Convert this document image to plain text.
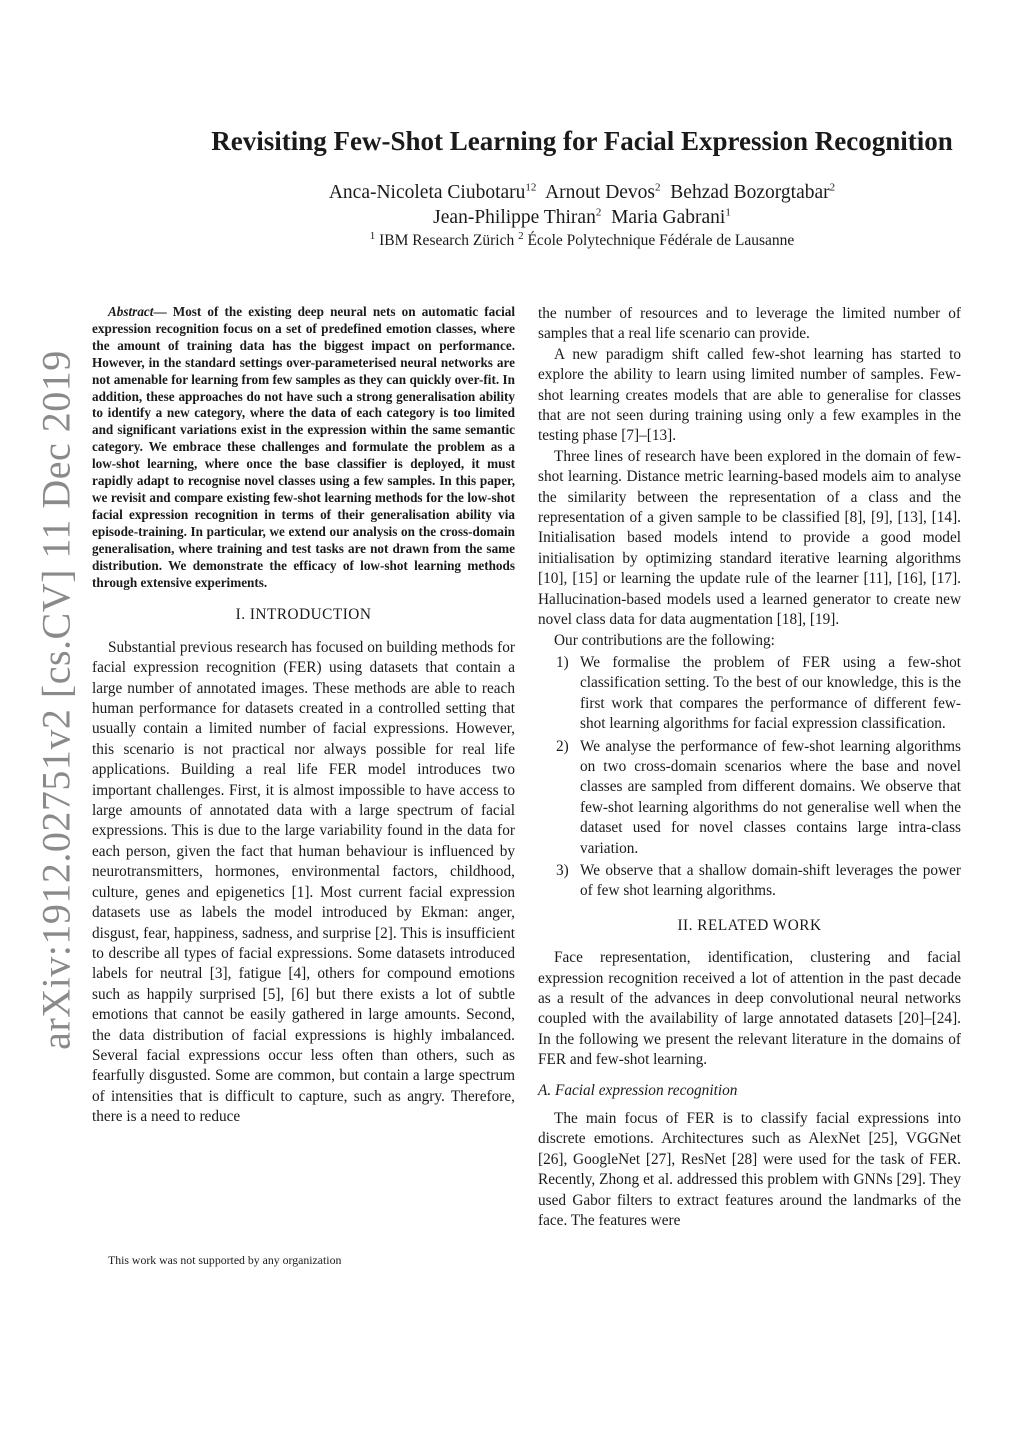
Revisiting Few-Shot Learning for Facial Expression Recognition
Anca-Nicoleta Ciubotaru$^{12}$ Arnout Devos$^2$ Behzad Bozorgtabar$^2$
Jean-Philippe Thiran$^2$ Maria Gabrani$^1$
$^1$ IBM Research Zürich $^2$ École Polytechnique Fédérale de Lausanne
arXiv:1912.02751v2 [cs.CV] 11 Dec 2019

Abstract— Most of the existing deep neural nets on automatic facial expression recognition focus on a set of predefined emotion classes, where the amount of training data has the biggest impact on performance. However, in the standard settings over-parameterised neural networks are not amenable for learning from few samples as they can quickly over-fit. In addition, these approaches do not have such a strong generalisation ability to identify a new category, where the data of each category is too limited and significant variations exist in the expression within the same semantic category. We embrace these challenges and formulate the problem as a low-shot learning, where once the base classifier is deployed, it must rapidly adapt to recognise novel classes using a few samples. In this paper, we revisit and compare existing few-shot learning methods for the low-shot facial expression recognition in terms of their generalisation ability via episode-training. In particular, we extend our analysis on the cross-domain generalisation, where training and test tasks are not drawn from the same distribution. We demonstrate the efficacy of low-shot learning methods through extensive experiments.

I. INTRODUCTION

Substantial previous research has focused on building methods for facial expression recognition (FER) using datasets that contain a large number of annotated images. These methods are able to reach human performance for datasets created in a controlled setting that usually contain a limited number of facial expressions. However, this scenario is not practical nor always possible for real life applications. Building a real life FER model introduces two important challenges. First, it is almost impossible to have access to large amounts of annotated data with a large spectrum of facial expressions. This is due to the large variability found in the data for each person, given the fact that human behaviour is influenced by neurotransmitters, hormones, environmental factors, childhood, culture, genes and epigenetics [1]. Most current facial expression datasets use as labels the model introduced by Ekman: anger, disgust, fear, happiness, sadness, and surprise [2]. This is insufficient to describe all types of facial expressions. Some datasets introduced labels for neutral [3], fatigue [4], others for compound emotions such as happily surprised [5], [6] but there exists a lot of subtle emotions that cannot be easily gathered in large amounts. Second, the data distribution of facial expressions is highly imbalanced. Several facial expressions occur less often than others, such as fearfully disgusted. Some are common, but contain a large spectrum of intensities that is difficult to capture, such as angry. Therefore, there is a need to reduce

This work was not supported by any organization

the number of resources and to leverage the limited number of samples that a real life scenario can provide.

A new paradigm shift called few-shot learning has started to explore the ability to learn using limited number of samples. Few-shot learning creates models that are able to generalise for classes that are not seen during training using only a few examples in the testing phase [7]–[13].

Three lines of research have been explored in the domain of few-shot learning. Distance metric learning-based models aim to analyse the similarity between the representation of a class and the representation of a given sample to be classified [8], [9], [13], [14]. Initialisation based models intend to provide a good model initialisation by optimizing standard iterative learning algorithms [10], [15] or learning the update rule of the learner [11], [16], [17]. Hallucination-based models used a learned generator to create new novel class data for data augmentation [18], [19].

Our contributions are the following:

1) We formalise the problem of FER using a few-shot classification setting. To the best of our knowledge, this is the first work that compares the performance of different few-shot learning algorithms for facial expression classification.
2) We analyse the performance of few-shot learning algorithms on two cross-domain scenarios where the base and novel classes are sampled from different domains. We observe that few-shot learning algorithms do not generalise well when the dataset used for novel classes contains large intra-class variation.
3) We observe that a shallow domain-shift leverages the power of few shot learning algorithms.
II. RELATED WORK

Face representation, identification, clustering and facial expression recognition received a lot of attention in the past decade as a result of the advances in deep convolutional neural networks coupled with the availability of large annotated datasets [20]–[24]. In the following we present the relevant literature in the domains of FER and few-shot learning.

A. Facial expression recognition

The main focus of FER is to classify facial expressions into discrete emotions. Architectures such as AlexNet [25], VGGNet [26], GoogleNet [27], ResNet [28] were used for the task of FER. Recently, Zhong et al. addressed this problem with GNNs [29]. They used Gabor filters to extract features around the landmarks of the face. The features were
